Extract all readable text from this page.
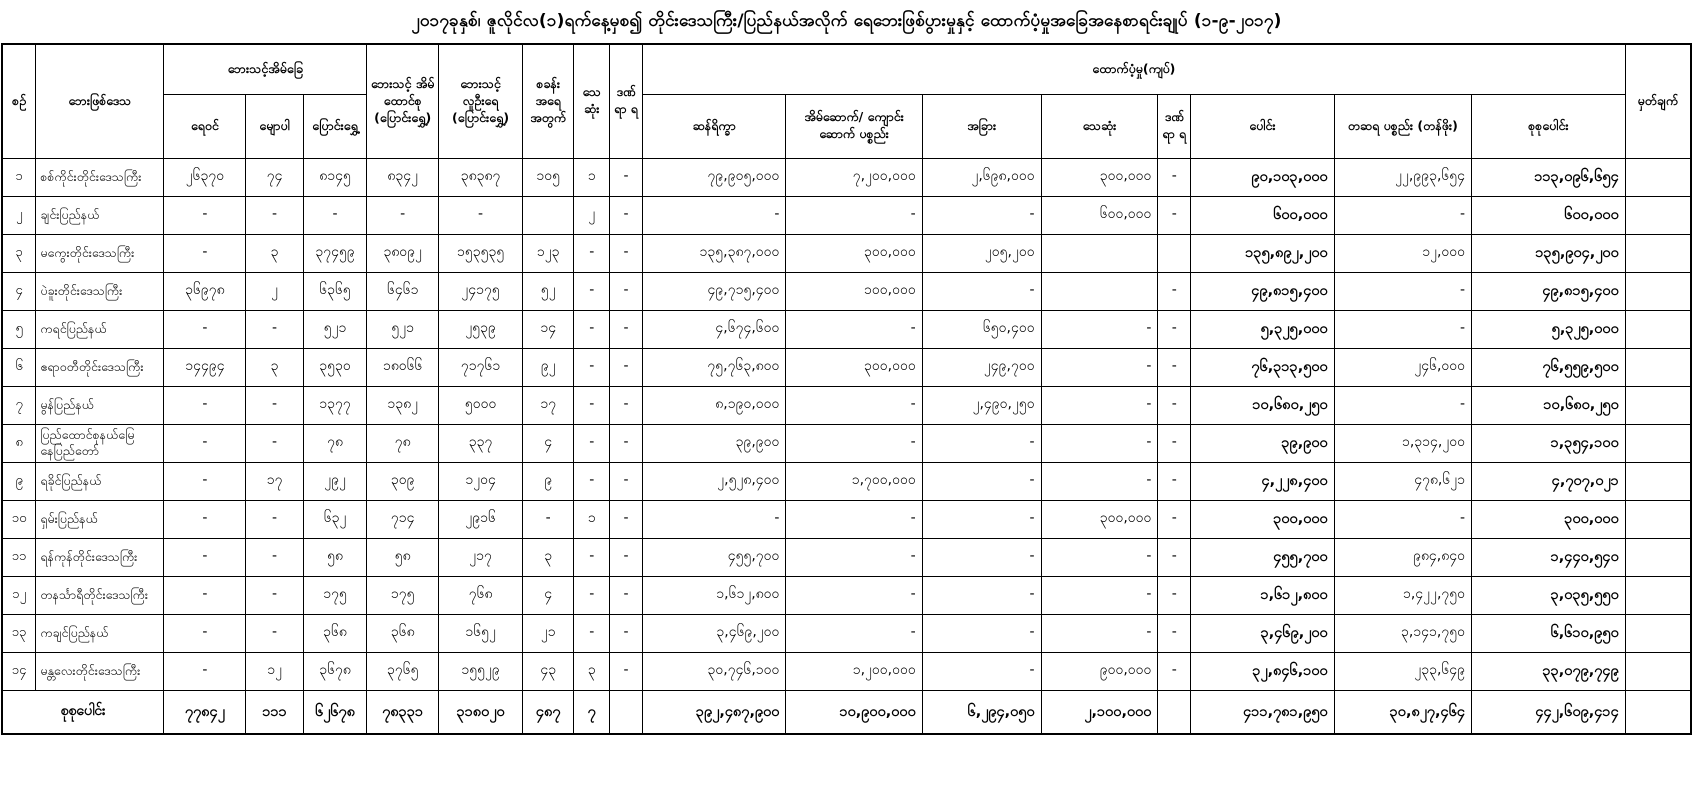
၂၀၁၇ခုနှစ်၊ ဇူလိုင်လ(၁)ရက်နေ့မှစ၍ တိုင်းဒေသကြီး/ပြည်နယ်အလိုက် ရေဘေးဖြစ်ပွားမှုနှင့် ထောက်ပံ့မှုအခြေအနေစာရင်းချုပ် (၁-၉-၂၀၁၇)
စဉ်	ဘေးဖြစ်ဒေသ	ဘေးသင့်အိမ်ခြေ			ဘေးသင့် အိမ် ထောင်စု (ပြောင်းရွှေ့)	ဘေးသင့် လူဦးရေ (ပြောင်းရွှေ့)	စခန်း အရေ အတွက်	သေ ဆုံး	ဒဏ် ရာ ရ	ထောက်ပံ့မှု(ကျပ်)								မှတ်ချက်
		ရေဝင်	မျောပါ	ပြောင်းရွှေ့						ဆန်ရိက္ခာ	အိမ်ဆောက်/ ကျောင်းဆောက် ပစ္စည်း	အခြား	သေဆုံး	ဒဏ် ရာ ရ	ပေါင်း	တဆရ ပစ္စည်း (တန်ဖိုး)	စုစုပေါင်း	
၁	စစ်ကိုင်းတိုင်းဒေသကြီး	၂၆၃၇၀	၇၄	၈၁၄၅	၈၃၄၂	၃၈၃၈၇	၁၀၅	၁	-	၇၉,၉၀၅,၀၀၀	၇,၂၀၀,၀၀၀	၂,၆၉၈,၀၀၀	၃၀၀,၀၀၀	-	၉၀,၁၀၃,၀၀၀	၂၂,၉၉၃,၆၅၄	၁၁၃,၀၉၆,၆၅၄	
၂	ချင်းပြည်နယ်	-	-	-	-	-		၂	-	-	-	-	၆၀၀,၀၀၀	-	၆၀၀,၀၀၀	-	၆၀၀,၀၀၀	
၃	မကွေးတိုင်းဒေသကြီး	-	၃	၃၇၄၅၉	၃၈၀၉၂	၁၅၃၅၃၅	၁၂၃	-	-	၁၃၅,၃၈၇,၀၀၀	၃၀၀,၀၀၀	၂၀၅,၂၀၀			၁၃၅,၈၉၂,၂၀၀	၁၂,၀၀၀	၁၃၅,၉၀၄,၂၀၀	
၄	ပဲခူးတိုင်းဒေသကြီး	၃၆၉၇၈	၂	၆၃၆၅	၆၄၆၁	၂၄၁၇၅	၅၂	-	-	၄၉,၇၁၅,၄၀၀	၁၀၀,၀၀၀	-		-	၄၉,၈၁၅,၄၀၀	-	၄၉,၈၁၅,၄၀၀	
၅	ကရင်ပြည်နယ်	-	-	၅၂၁	၅၂၁	၂၅၃၉	၁၄	-	-	၄,၆၇၄,၆၀၀	-	၆၅၀,၄၀၀	-	-	၅,၃၂၅,၀၀၀	-	၅,၃၂၅,၀၀၀	
၆	ဧရာဝတီတိုင်းဒေသကြီး	၁၄၄၉၄	၃	၃၅၃၀	၁၈၀၆၆	၇၁၇၆၁	၉၂	-	-	၇၅,၇၆၃,၈၀၀	၃၀၀,၀၀၀	၂၄၉,၇၀၀	-	-	၇၆,၃၁၃,၅၀၀	၂၄၆,၀၀၀	၇၆,၅၅၉,၅၀၀	
၇	မွန်ပြည်နယ်	-	-	၁၃၇၇	၁၃၈၂	၅၀၀၀	၁၇	-	-	၈,၁၉၀,၀၀၀	-	၂,၄၉၀,၂၅၀	-	-	၁၀,၆၈၀,၂၅၀	-	၁၀,၆၈၀,၂၅၀	
၈	ပြည်ထောင်စုနယ်မြေ နေပြည်တော်	-	-	၇၈	၇၈	၃၃၇	၄	-	-	၃၉,၉၀၀	-	-	-	-	၃၉,၉၀၀	၁,၃၁၄,၂၀၀	၁,၃၅၄,၁၀၀	
၉	ရခိုင်ပြည်နယ်	-	၁၇	၂၉၂	၃၀၉	၁၂၀၄	၉	-	-	၂,၅၂၈,၄၀၀	၁,၇၀၀,၀၀၀	-	-	-	၄,၂၂၈,၄၀၀	၄၇၈,၆၂၁	၄,၇၀၇,၀၂၁	
၁၀	ရှမ်းပြည်နယ်	-	-	၆၃၂	၇၁၄	၂၉၁၆	-	၁	-	-	-	-	၃၀၀,၀၀၀	-	၃၀၀,၀၀၀	-	၃၀၀,၀၀၀	
၁၁	ရန်ကုန်တိုင်းဒေသကြီး	-	-	၅၈	၅၈	၂၁၇	၃	-	-	၄၅၅,၇၀၀	-	-	-	-	၄၅၅,၇၀၀	၉၈၄,၈၄၀	၁,၄၄၀,၅၄၀	
၁၂	တနင်္သာရီတိုင်းဒေသကြီး	-	-	၁၇၅	၁၇၅	၇၆၈	၄	-	-	၁,၆၁၂,၈၀၀	-	-	-	-	၁,၆၁၂,၈၀၀	၁,၄၂၂,၇၅၀	၃,၀၃၅,၅၅၀	
၁၃	ကချင်ပြည်နယ်	-	-	၃၆၈	၃၆၈	၁၆၅၂	၂၁	-	-	၃,၄၆၉,၂၀၀	-	-	-	-	၃,၄၆၉,၂၀၀	၃,၁၄၁,၇၅၀	၆,၆၁၀,၉၅၀	
၁၄	မန္တလေးတိုင်းဒေသကြီး	-	၁၂	၃၆၇၈	၃၇၆၅	၁၅၅၂၉	၄၃	၃	-	၃၀,၇၄၆,၁၀၀	၁,၂၀၀,၀၀၀	-	၉၀၀,၀၀၀	-	၃၂,၈၄၆,၁၀၀	၂၃၃,၆၄၉	၃၃,၀၇၉,၇၄၉	
စုစုပေါင်း		၇၇၈၄၂	၁၁၁	၆၂၆၇၈	၇၈၃၃၁	၃၁၈၀၂၀	၄၈၇	၇		၃၉၂,၄၈၇,၉၀၀	၁၀,၉၀၀,၀၀၀	၆,၂၉၄,၀၅၀	၂,၁၀၀,၀၀၀		၄၁၁,၇၈၁,၉၅၀	၃၀,၈၂၇,၄၆၄	၄၄၂,၆၀၉,၄၁၄	
